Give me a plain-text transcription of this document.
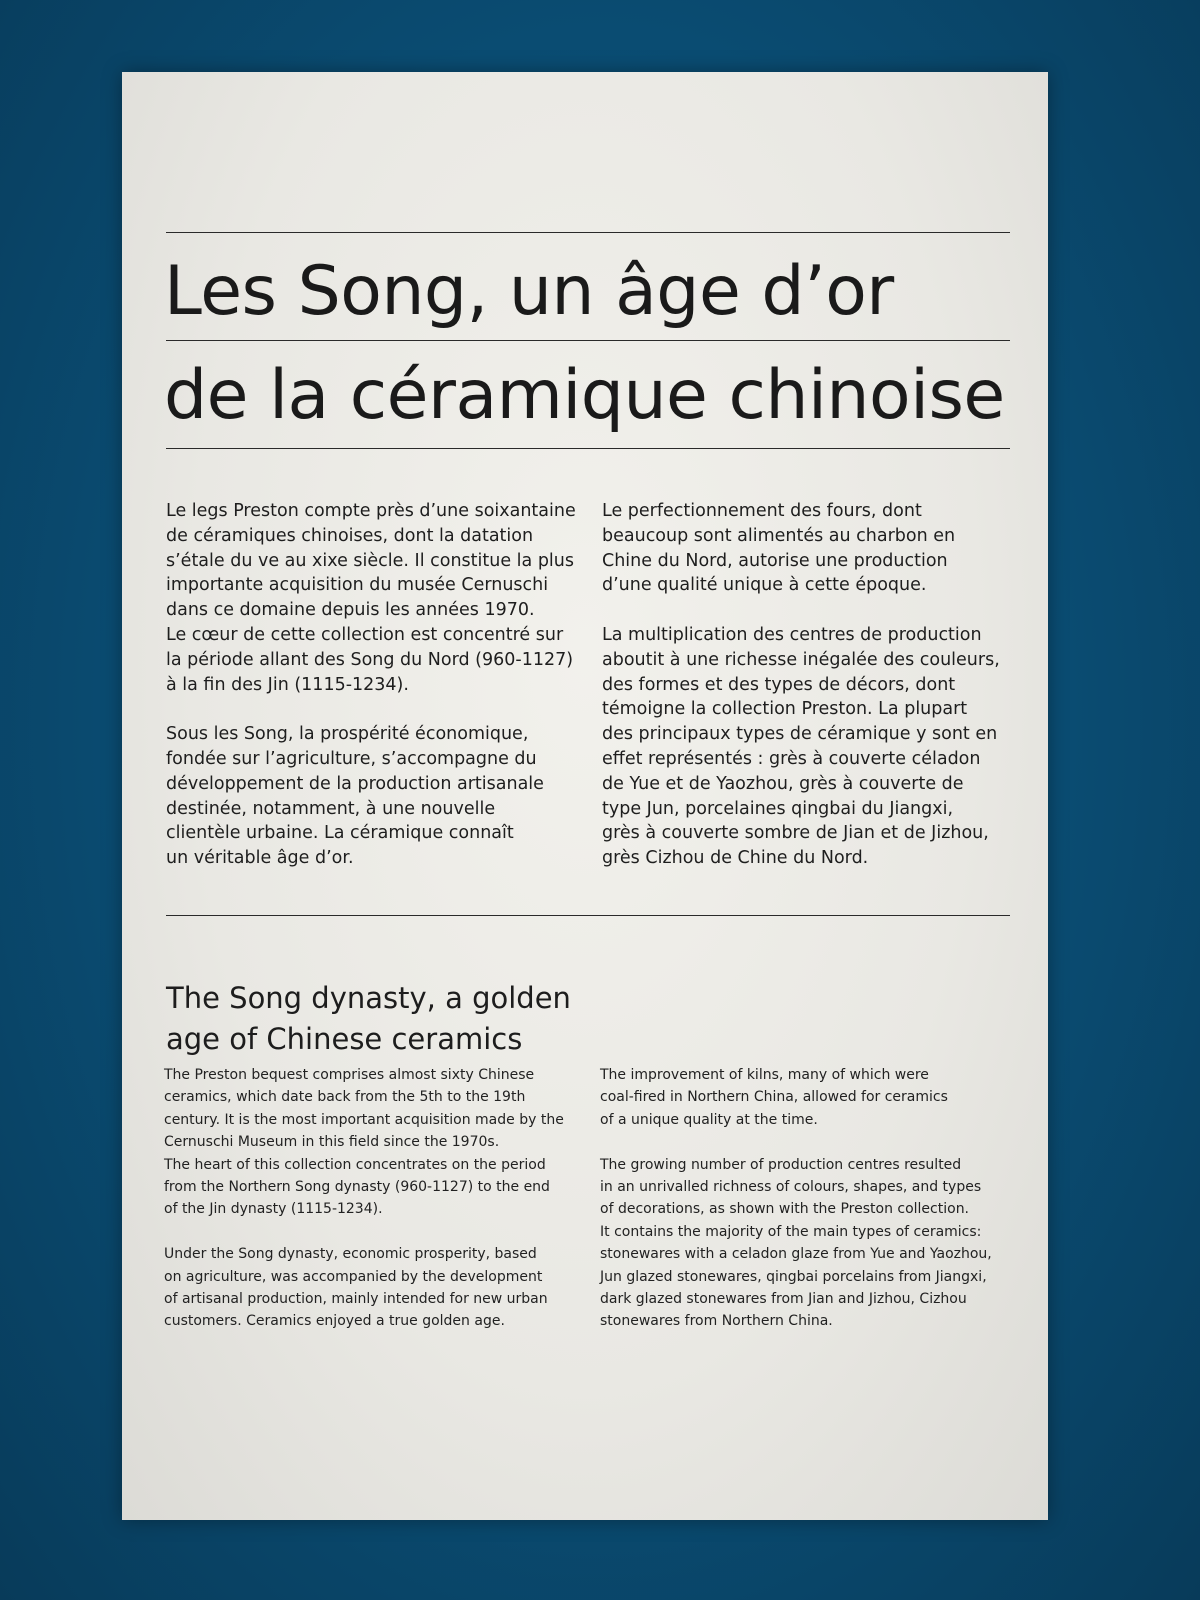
Les Song, un âge d’or
de la céramique chinoise

Le legs Preston compte près d’une soixantaine
de céramiques chinoises, dont la datation
s’étale du ve au xixe siècle. Il constitue la plus
importante acquisition du musée Cernuschi
dans ce domaine depuis les années 1970.
Le cœur de cette collection est concentré sur
la période allant des Song du Nord (960-1127)
à la fin des Jin (1115-1234).

Sous les Song, la prospérité économique,
fondée sur l’agriculture, s’accompagne du
développement de la production artisanale
destinée, notamment, à une nouvelle
clientèle urbaine. La céramique connaît
un véritable âge d’or.

Le perfectionnement des fours, dont
beaucoup sont alimentés au charbon en
Chine du Nord, autorise une production
d’une qualité unique à cette époque.

La multiplication des centres de production
aboutit à une richesse inégalée des couleurs,
des formes et des types de décors, dont
témoigne la collection Preston. La plupart
des principaux types de céramique y sont en
effet représentés : grès à couverte céladon
de Yue et de Yaozhou, grès à couverte de
type Jun, porcelaines qingbai du Jiangxi,
grès à couverte sombre de Jian et de Jizhou,
grès Cizhou de Chine du Nord.

The Song dynasty, a golden
age of Chinese ceramics

The Preston bequest comprises almost sixty Chinese
ceramics, which date back from the 5th to the 19th
century. It is the most important acquisition made by the
Cernuschi Museum in this field since the 1970s.
The heart of this collection concentrates on the period
from the Northern Song dynasty (960-1127) to the end
of the Jin dynasty (1115-1234).

Under the Song dynasty, economic prosperity, based
on agriculture, was accompanied by the development
of artisanal production, mainly intended for new urban
customers. Ceramics enjoyed a true golden age.

The improvement of kilns, many of which were
coal-fired in Northern China, allowed for ceramics
of a unique quality at the time.

The growing number of production centres resulted
in an unrivalled richness of colours, shapes, and types
of decorations, as shown with the Preston collection.
It contains the majority of the main types of ceramics:
stonewares with a celadon glaze from Yue and Yaozhou,
Jun glazed stonewares, qingbai porcelains from Jiangxi,
dark glazed stonewares from Jian and Jizhou, Cizhou
stonewares from Northern China.
